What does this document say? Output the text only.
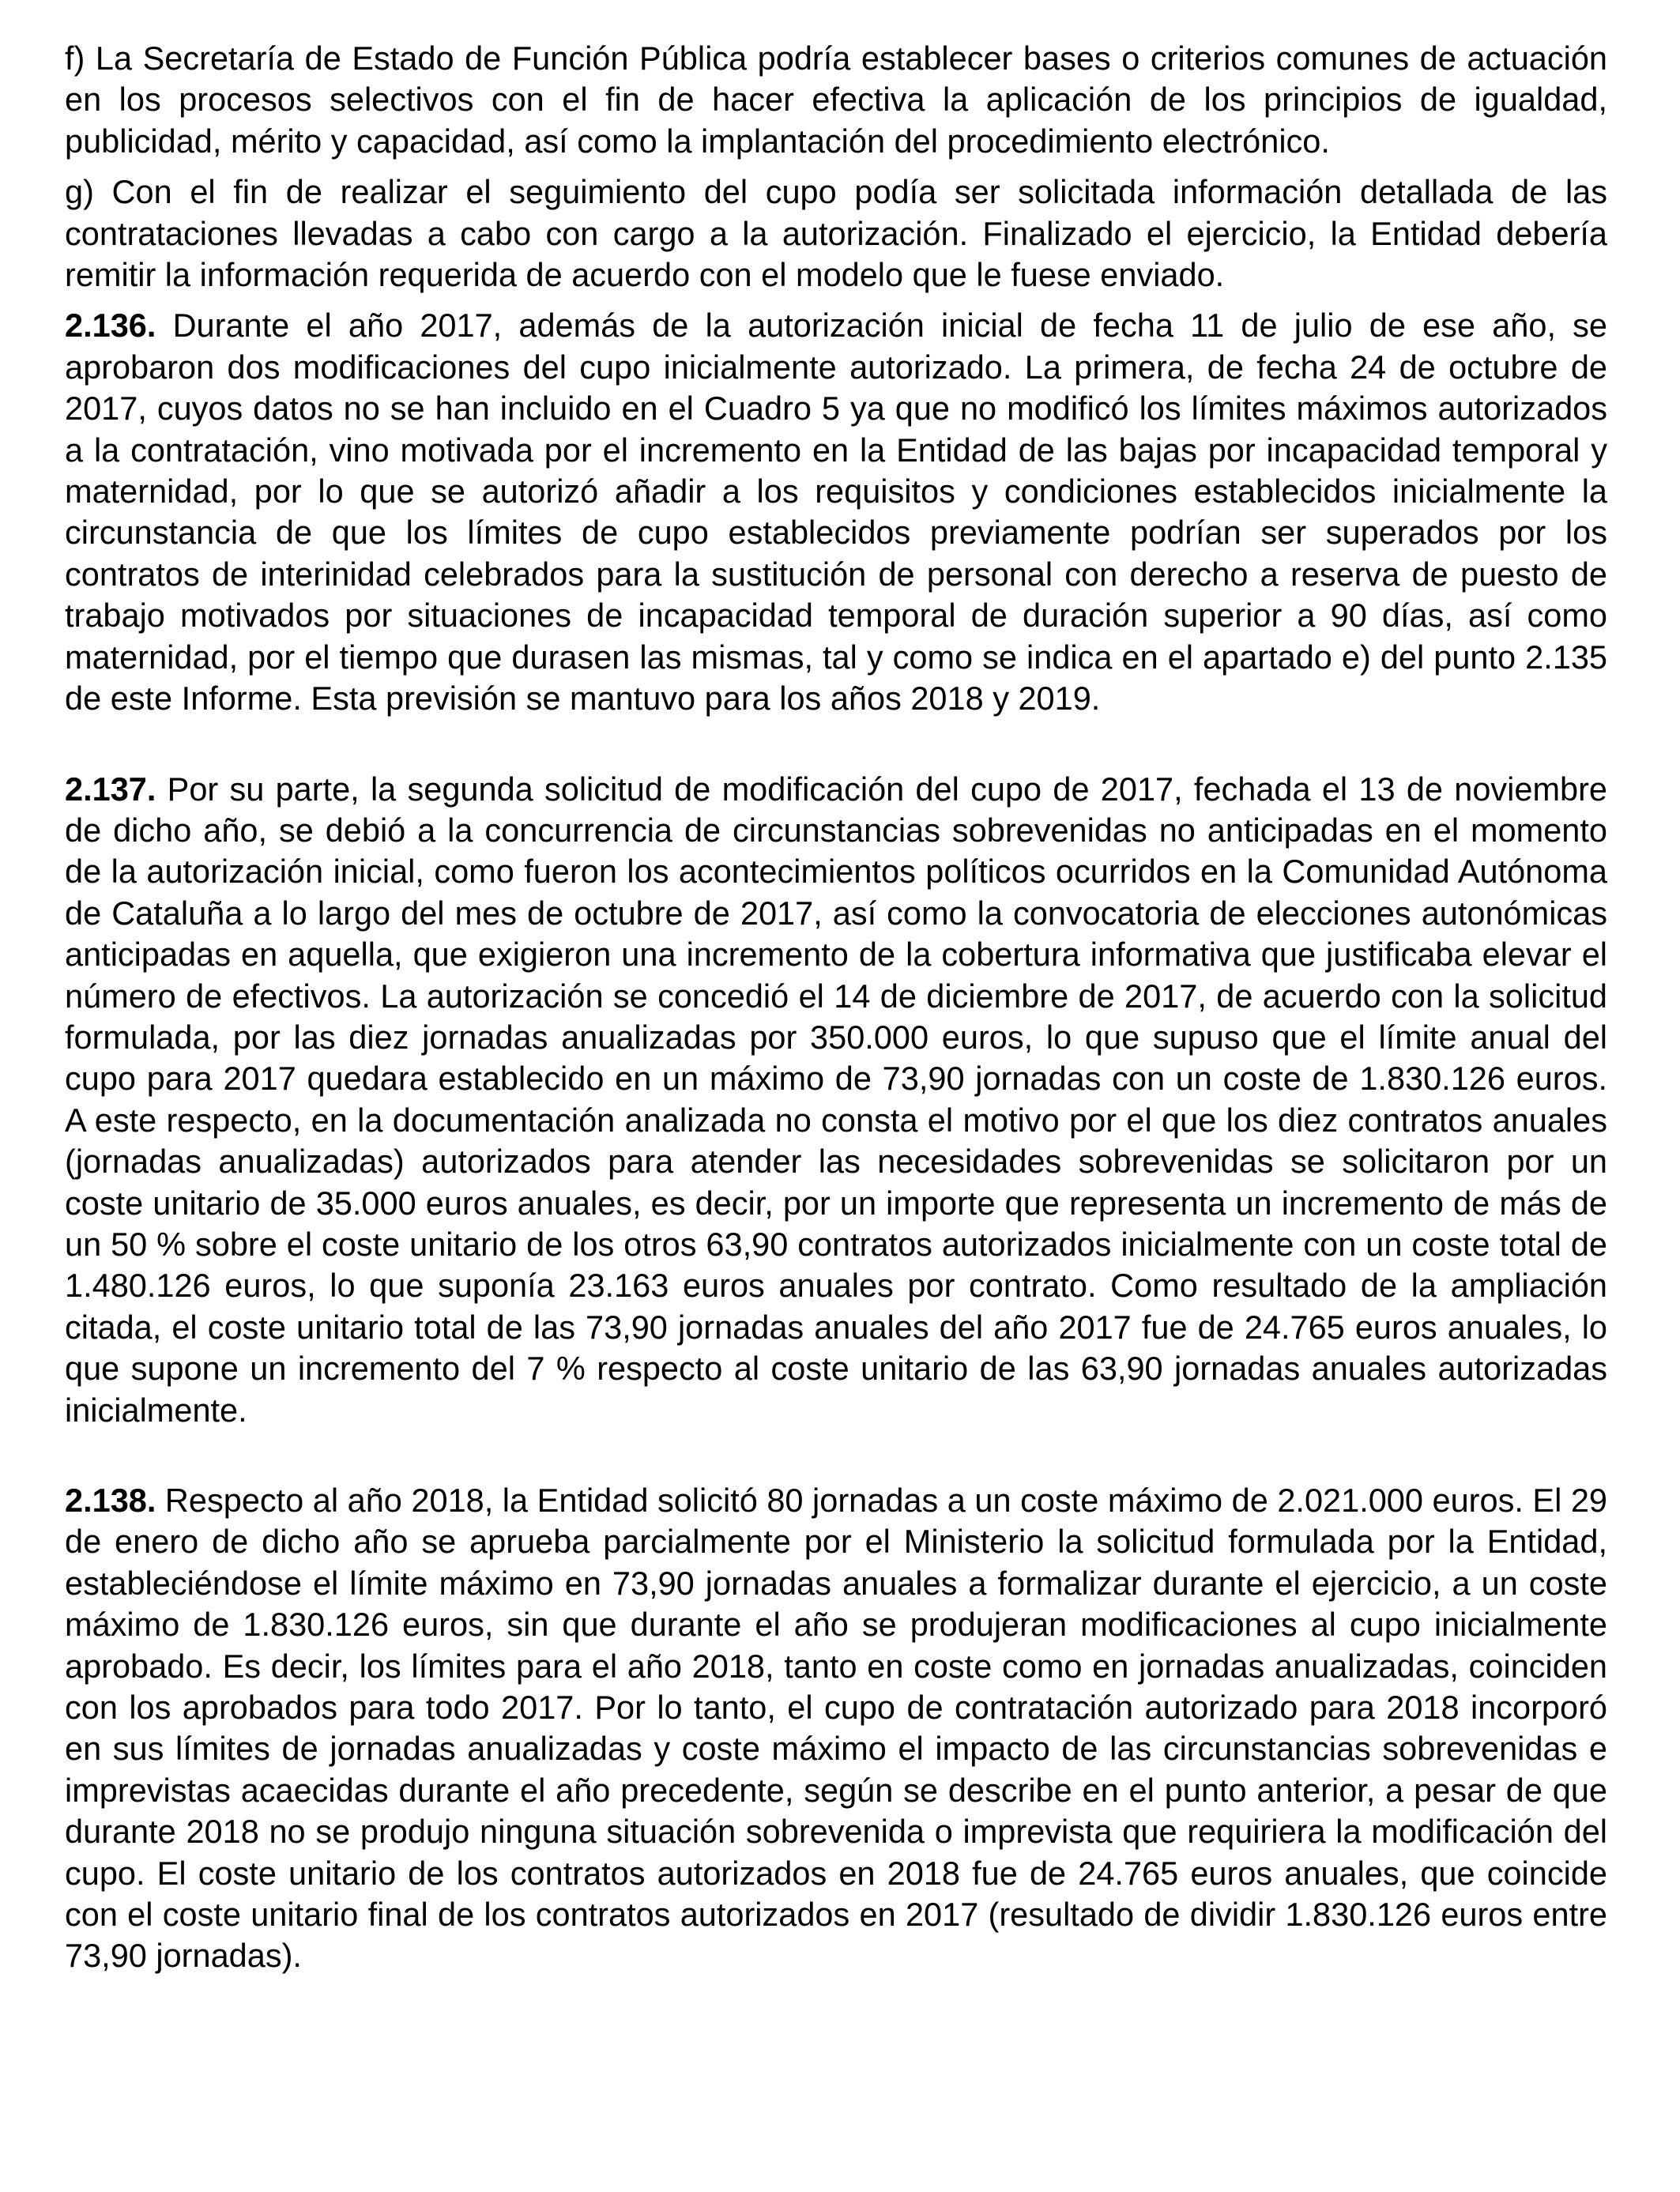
f) La Secretaría de Estado de Función Pública podría establecer bases o criterios comunes de actuación en los procesos selectivos con el fin de hacer efectiva la aplicación de los principios de igualdad, publicidad, mérito y capacidad, así como la implantación del procedimiento electrónico.

g) Con el fin de realizar el seguimiento del cupo podía ser solicitada información detallada de las contrataciones llevadas a cabo con cargo a la autorización. Finalizado el ejercicio, la Entidad debería remitir la información requerida de acuerdo con el modelo que le fuese enviado.

2.136. Durante el año 2017, además de la autorización inicial de fecha 11 de julio de ese año, se aprobaron dos modificaciones del cupo inicialmente autorizado. La primera, de fecha 24 de octubre de 2017, cuyos datos no se han incluido en el Cuadro 5 ya que no modificó los límites máximos autorizados a la contratación, vino motivada por el incremento en la Entidad de las bajas por incapacidad temporal y maternidad, por lo que se autorizó añadir a los requisitos y condiciones establecidos inicialmente la circunstancia de que los límites de cupo establecidos previamente podrían ser superados por los contratos de interinidad celebrados para la sustitución de personal con derecho a reserva de puesto de trabajo motivados por situaciones de incapacidad temporal de duración superior a 90 días, así como maternidad, por el tiempo que durasen las mismas, tal y como se indica en el apartado e) del punto 2.135 de este Informe. Esta previsión se mantuvo para los años 2018 y 2019.

2.137. Por su parte, la segunda solicitud de modificación del cupo de 2017, fechada el 13 de noviembre de dicho año, se debió a la concurrencia de circunstancias sobrevenidas no anticipadas en el momento de la autorización inicial, como fueron los acontecimientos políticos ocurridos en la Comunidad Autónoma de Cataluña a lo largo del mes de octubre de 2017, así como la convocatoria de elecciones autonómicas anticipadas en aquella, que exigieron una incremento de la cobertura informativa que justificaba elevar el número de efectivos. La autorización se concedió el 14 de diciembre de 2017, de acuerdo con la solicitud formulada, por las diez jornadas anualizadas por 350.000 euros, lo que supuso que el límite anual del cupo para 2017 quedara establecido en un máximo de 73,90 jornadas con un coste de 1.830.126 euros. A este respecto, en la documentación analizada no consta el motivo por el que los diez contratos anuales (jornadas anualizadas) autorizados para atender las necesidades sobrevenidas se solicitaron por un coste unitario de 35.000 euros anuales, es decir, por un importe que representa un incremento de más de un 50 % sobre el coste unitario de los otros 63,90 contratos autorizados inicialmente con un coste total de 1.480.126 euros, lo que suponía 23.163 euros anuales por contrato. Como resultado de la ampliación citada, el coste unitario total de las 73,90 jornadas anuales del año 2017 fue de 24.765 euros anuales, lo que supone un incremento del 7 % respecto al coste unitario de las 63,90 jornadas anuales autorizadas inicialmente.

2.138. Respecto al año 2018, la Entidad solicitó 80 jornadas a un coste máximo de 2.021.000 euros. El 29 de enero de dicho año se aprueba parcialmente por el Ministerio la solicitud formulada por la Entidad, estableciéndose el límite máximo en 73,90 jornadas anuales a formalizar durante el ejercicio, a un coste máximo de 1.830.126 euros, sin que durante el año se produjeran modificaciones al cupo inicialmente aprobado. Es decir, los límites para el año 2018, tanto en coste como en jornadas anualizadas, coinciden con los aprobados para todo 2017. Por lo tanto, el cupo de contratación autorizado para 2018 incorporó en sus límites de jornadas anualizadas y coste máximo el impacto de las circunstancias sobrevenidas e imprevistas acaecidas durante el año precedente, según se describe en el punto anterior, a pesar de que durante 2018 no se produjo ninguna situación sobrevenida o imprevista que requiriera la modificación del cupo. El coste unitario de los contratos autorizados en 2018 fue de 24.765 euros anuales, que coincide con el coste unitario final de los contratos autorizados en 2017 (resultado de dividir 1.830.126 euros entre 73,90 jornadas).
